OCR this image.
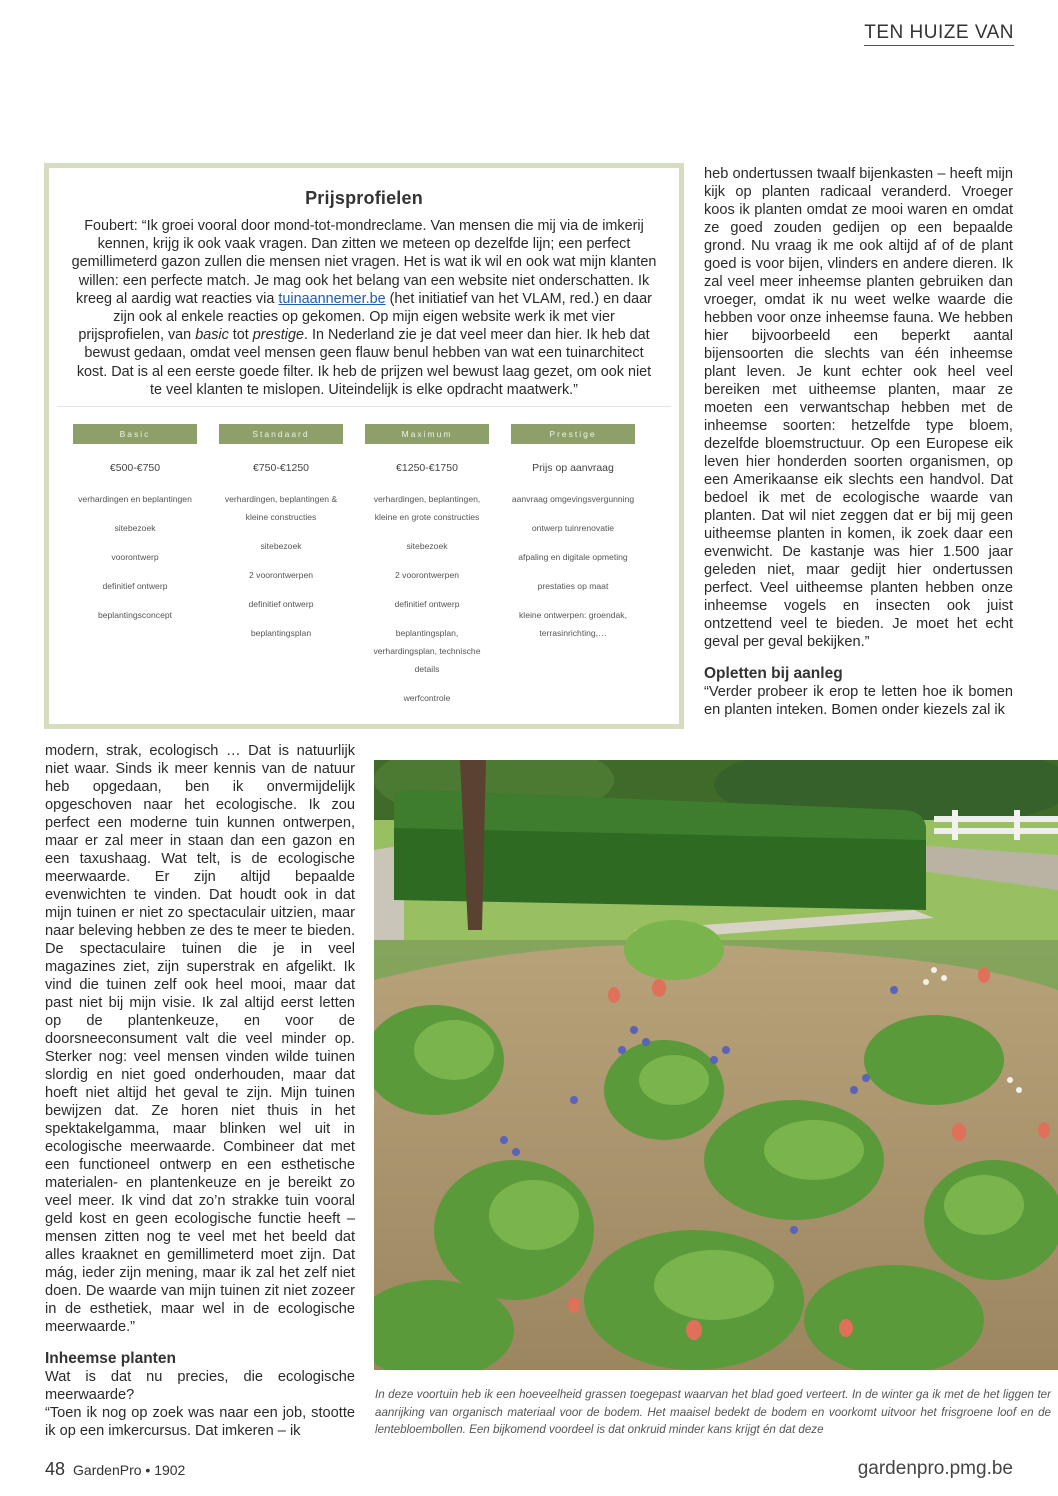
TEN HUIZE VAN
Prijsprofielen

Foubert: “Ik groei vooral door mond-tot-mondreclame. Van mensen die mij via de imkerij kennen, krijg ik ook vaak vragen. Dan zitten we meteen op dezelfde lijn; een perfect gemillimeterd gazon zullen die mensen niet vragen. Het is wat ik wil en ook wat mijn klanten willen: een perfecte match. Je mag ook het belang van een website niet onderschatten. Ik kreeg al aardig wat reacties via tuinaannemer.be (het initiatief van het VLAM, red.) en daar zijn ook al enkele reacties op gekomen. Op mijn eigen website werk ik met vier prijsprofielen, van basic tot prestige. In Nederland zie je dat veel meer dan hier. Ik heb dat bewust gedaan, omdat veel mensen geen flauw benul hebben van wat een tuinarchitect kost. Dat is al een eerste goede filter. Ik heb de prijzen wel bewust laag gezet, om ook niet te veel klanten te mislopen. Uiteindelijk is elke opdracht maatwerk.”

Basic
€500-€750
verhardingen en beplantingen
sitebezoek
voorontwerp
definitief ontwerp
beplantingsconcept
Standaard
€750-€1250
verhardingen, beplantingen & kleine constructies
sitebezoek
2 voorontwerpen
definitief ontwerp
beplantingsplan
Maximum
€1250-€1750
verhardingen, beplantingen, kleine en grote constructies
sitebezoek
2 voorontwerpen
definitief ontwerp
beplantingsplan, verhardingsplan, technische details
werfcontrole
Prestige
Prijs op aanvraag
aanvraag omgevingsvergunning
ontwerp tuinrenovatie
afpaling en digitale opmeting
prestaties op maat
kleine ontwerpen: groendak, terrasinrichting,…

heb ondertussen twaalf bijenkasten – heeft mijn kijk op planten radicaal veranderd. Vroeger koos ik planten omdat ze mooi waren en omdat ze goed zouden gedijen op een bepaalde grond. Nu vraag ik me ook altijd af of de plant goed is voor bijen, vlinders en andere dieren. Ik zal veel meer inheemse planten gebruiken dan vroeger, omdat ik nu weet welke waarde die hebben voor onze inheemse fauna. We hebben hier bijvoorbeeld een beperkt aantal bijensoorten die slechts van één inheemse plant leven. Je kunt echter ook heel veel bereiken met uitheemse planten, maar ze moeten een verwantschap hebben met de inheemse soorten: hetzelfde type bloem, dezelfde bloemstructuur. Op een Europese eik leven hier honderden soorten organismen, op een Amerikaanse eik slechts een handvol. Dat bedoel ik met de ecologische waarde van planten. Dat wil niet zeggen dat er bij mij geen uitheemse planten in komen, ik zoek daar een evenwicht. De kastanje was hier 1.500 jaar geleden niet, maar gedijt hier ondertussen perfect. Veel uitheemse planten hebben onze inheemse vogels en insecten ook juist ontzettend veel te bieden. Je moet het echt geval per geval bekijken.”

Opletten bij aanleg

“Verder probeer ik erop te letten hoe ik bomen en planten inteken. Bomen onder kiezels zal ik

modern, strak, ecologisch … Dat is natuurlijk niet waar. Sinds ik meer kennis van de natuur heb opgedaan, ben ik onvermijdelijk opgeschoven naar het ecologische. Ik zou perfect een moderne tuin kunnen ontwerpen, maar er zal meer in staan dan een gazon en een taxushaag. Wat telt, is de ecologische meerwaarde. Er zijn altijd bepaalde evenwichten te vinden. Dat houdt ook in dat mijn tuinen er niet zo spectaculair uitzien, maar naar beleving hebben ze des te meer te bieden. De spectaculaire tuinen die je in veel magazines ziet, zijn superstrak en afgelikt. Ik vind die tuinen zelf ook heel mooi, maar dat past niet bij mijn visie. Ik zal altijd eerst letten op de plantenkeuze, en voor de doorsneeconsument valt die veel minder op. Sterker nog: veel mensen vinden wilde tuinen slordig en niet goed onderhouden, maar dat hoeft niet altijd het geval te zijn. Mijn tuinen bewijzen dat. Ze horen niet thuis in het spektakelgamma, maar blinken wel uit in ecologische meerwaarde. Combineer dat met een functioneel ontwerp en een esthetische materialen- en plantenkeuze en je bereikt zo veel meer. Ik vind dat zo’n strakke tuin vooral geld kost en geen ecologische functie heeft – mensen zitten nog te veel met het beeld dat alles kraaknet en gemillimeterd moet zijn. Dat mág, ieder zijn mening, maar ik zal het zelf niet doen. De waarde van mijn tuinen zit niet zozeer in de esthetiek, maar wel in de ecologische meerwaarde.”

Inheemse planten

Wat is dat nu precies, die ecologische meerwaarde?

“Toen ik nog op zoek was naar een job, stootte ik op een imkercursus. Dat imkeren – ik

In deze voortuin heb ik een hoeveelheid grassen toegepast waarvan het blad goed verteert. In de winter ga ik met de het liggen ter aanrijking van organisch materiaal voor de bodem. Het maaisel bedekt de bodem en voorkomt uitvoor het frisgroene loof en de lentebloembollen. Een bijkomend voordeel is dat onkruid minder kans krijgt én dat deze
48 GardenPro • 1902	gardenpro.pmg.be
